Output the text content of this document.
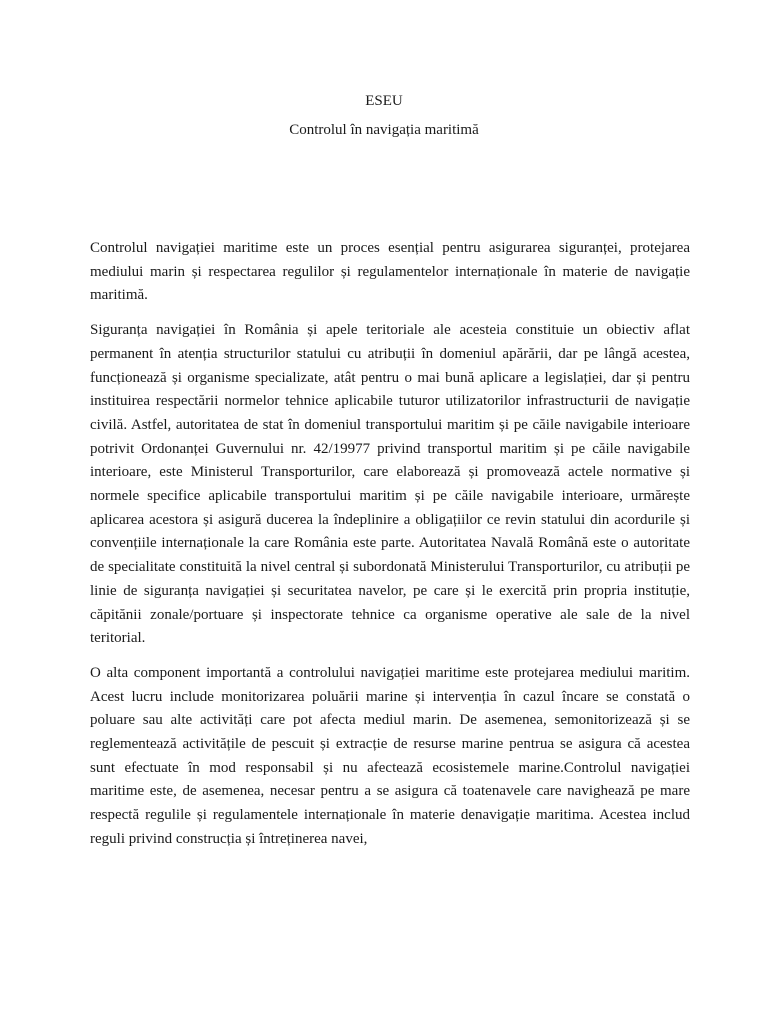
ESEU
Controlul în navigația maritimă

Controlul navigației maritime este un proces esențial pentru asigurarea siguranței, protejarea mediului marin și respectarea regulilor și regulamentelor internaționale în materie de navigație maritimă.

Siguranța navigației în România și apele teritoriale ale acesteia constituie un obiectiv aflat permanent în atenția structurilor statului cu atribuții în domeniul apărării, dar pe lângă acestea, funcționează și organisme specializate, atât pentru o mai bună aplicare a legislației, dar și pentru instituirea respectării normelor tehnice aplicabile tuturor utilizatorilor infrastructurii de navigație civilă. Astfel, autoritatea de stat în domeniul transportului maritim și pe căile navigabile interioare potrivit Ordonanței Guvernului nr. 42/19977 privind transportul maritim și pe căile navigabile interioare, este Ministerul Transporturilor, care elaborează și promovează actele normative și normele specifice aplicabile transportului maritim și pe căile navigabile interioare, urmărește aplicarea acestora și asigură ducerea la îndeplinire a obligațiilor ce revin statului din acordurile și convențiile internaționale la care România este parte. Autoritatea Navală Română este o autoritate de specialitate constituită la nivel central și subordonată Ministerului Transporturilor, cu atribuții pe linie de siguranța navigației și securitatea navelor, pe care și le exercită prin propria instituție, căpitănii zonale/portuare și inspectorate tehnice ca organisme operative ale sale de la nivel teritorial.

O alta component importantă a controlului navigației maritime este protejarea mediului maritim. Acest lucru include monitorizarea poluării marine și intervenția în cazul încare se constată o poluare sau alte activități care pot afecta mediul marin. De asemenea, semonitorizează și se reglementează activitățile de pescuit și extracție de resurse marine pentrua se asigura că acestea sunt efectuate în mod responsabil și nu afectează ecosistemele marine.Controlul navigației maritime este, de asemenea, necesar pentru a se asigura că toatenavele care navighează pe mare respectă regulile și regulamentele internaționale în materie denavigație maritima. Acestea includ reguli privind construcția și întreținerea navei,
